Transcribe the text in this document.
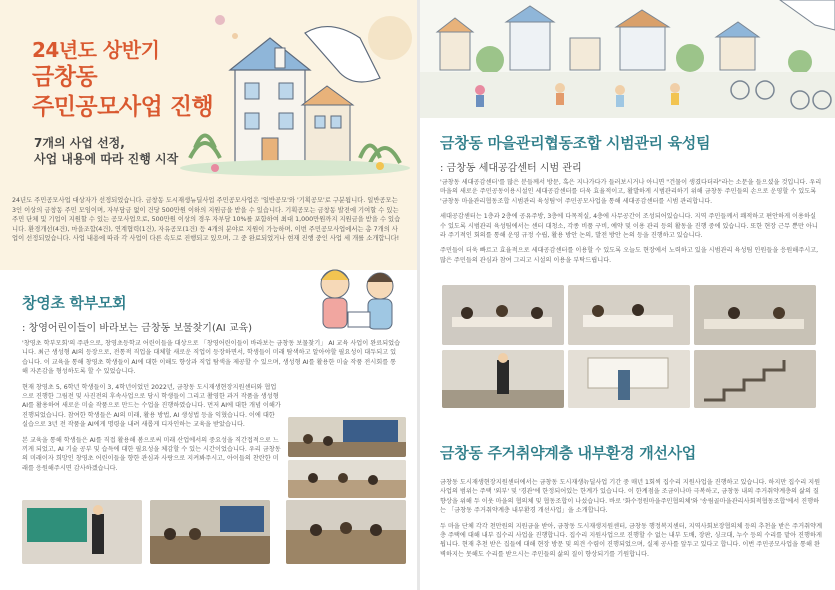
24년도 상반기
금창동
주민공모사업 진행
7개의 사업 선정,
사업 내용에 따라 진행 시작
24년도 주민공모사업 대상자가 선정되었습니다. 금창동 도시재생뉴딜사업 주민공모사업은 '일반공모'와 '기획공모'로 구분됩니다. 일반공모는 3인 이상의 금창동 주민 모임이며, 자부담금 없이 건당 500만원 이하의 지원금을 받을 수 있습니다. 기획공모는 금창동 발전에 기여할 수 있는 주민 단체 및 기업이 지원할 수 있는 공모사업으로, 500만원 이상의 경우 자부담 10%를 포함하여 최대 1,000만원까지 지원금을 받을 수 있습니다. 환경개선(4건), 마을조합(4건), 연계협력(1건), 자유공모(1건) 등 4개의 분야로 지원이 가능하며, 이번 주민공모사업에서는 총 7개의 사업이 선정되었습니다. 사업 내용에 따라 각 사업이 다른 속도로 진행되고 있으며, 그 중 완료되었거나 현재 진행 중인 사업 세 개를 소개합니다!
창영초 학부모회
: 창영어린이들이 바라보는 금창동 보물찾기(AI 교육)

'창영초 학부모회'의 주관으로, 창영초등학교 어린이들을 대상으로 「창영어린이들이 바라보는 금창동 보물찾기」 AI 교육 사업이 완료되었습니다. 최근 생성형 AI의 등장으로, 전통적 직업을 대체할 새로운 직업이 등장하면서, 학생들이 미래 탐색하고 알아야할 필요성이 대두되고 있습니다. 이 교육을 통해 창영초 학생들이 AI에 대한 이해도 향상과 직업 탐색을 제공할 수 있으며, 생성형 AI를 활용한 미술 작품 전시회를 통해 자존감을 형성하도록 할 수 있었습니다.

현재 창영초 5, 6학년 학생들이 3, 4학년이었던 2022년, 금창동 도시재생현장지원센터와 협업으로 진행한 그림전 및 사진전의 후속사업으로 당시 학생들이 그리고 촬영한 과거 작품을 생성형 AI를 활용하여 새로운 미술 작품으로 만드는 수업을 진행하였습니다. 먼저 AI에 대한 개념 이해가 진행되었습니다. 참여한 학생들은 AI의 미래, 활용 방법, AI 생성법 등을 익혔습니다. 이에 대한 실습으로 3년 전 작품을 AI에게 명령을 내려 새롭게 디자인하는 교육을 받았습니다.

본 교육을 통해 학생들은 AI를 직접 활용해 봄으로써 미래 산업에서의 중요성을 직간접적으로 느끼게 되었고, AI 기술 공부 및 습득에 대한 필요성을 체감할 수 있는 시간이었습니다. 우리 금창동의 미래이자 희망인 창영초 어린이들을 향한 관심과 사랑으로 지켜봐주시고, 아이들의 찬란한 미래를 응원해주시면 감사하겠습니다.

금창동 마을관리협동조합 시범관리 육성팀
: 금창동 세대공감센터 시범 관리

'금창동 세대공감센터'를 많은 분들께서 방문, 혹은 지나가다가 들러보시거나 아니면 "건물이 생겼다더라"라는 소문을 들으셨을 것입니다. 우리 마을의 새로운 주민공동이용시설인 세대공감센터를 더욱 효율적이고, 활발하게 시범관리하기 위해 금창동 주민들의 손으로 운영할 수 있도록 '금창동 마을관리협동조합 시범관리 육성팀'이 주민공모사업을 통해 세대공감센터를 시범 관리합니다.

세대공감센터는 1층과 2층에 공유주방, 3층에 다목적실, 4층에 사무공간이 조성되어있습니다. 지역 주민들께서 쾌적하고 편안하게 이용하실 수 있도록 시범관리 육성팀에서는 센터 대청소, 각종 비품 구비, 예약 및 이용 관리 등의 활동을 진행 중에 있습니다. 또한 현장 근무 뿐만 아니라 주기적인 회의를 통해 운영 규정 수립, 활용 방안 논의, 발전 방안 논의 등을 진행하고 있습니다.

주민들이 더욱 빠르고 효율적으로 세대공감센터를 이용할 수 있도록 오늘도 현장에서 노력하고 있을 시범관리 육성팀 인원들을 응원해주시고, 많은 주민들의 관심과 참여 그리고 시설의 이용을 부탁드립니다.

금창동 주거취약계층 내부환경 개선사업

금창동 도시재생현장지원센터에서는 금창동 도시재생뉴딜사업 기간 중 매년 1회씩 집수리 지원사업을 진행하고 있습니다. 하지만 집수리 지원사업의 범위는 주택 '외부' 및 '경관'에 한정되어있는 한계가 있습니다. 이 한계점을 조금이나마 극복하고, 금창동 내의 주거취약계층의 삶의 질 향상을 위해 두 이웃 마을의 협의체 및 협동조합이 나섰습니다. 바로 '화수정원마을주민협의체'와 '송림골마을관리사회적협동조합'에서 진행하는 「금창동 주거취약계층 내부환경 개선사업」을 소개합니다.

두 마을 단체 각각 천만원의 지원금을 받아, 금창동 도시재생지원센터, 금창동 행정복지센터, 지역사회보장협의체 등의 추천을 받은 주거취약계층 주택에 대해 내부 집수리 사업을 진행합니다. 집수리 지원사업으로 진행할 수 없는 내부 도배, 장판, 싱크대, 누수 등의 수리를 맡아 진행하게 됩니다. 현재 추천 받은 집들에 대해 현장 방문 및 의견 수렴이 진행되었으며, 실제 공사를 앞두고 있다고 합니다. 이번 주민공모사업을 통해 완벽하지는 못해도 수리를 받으시는 주민들의 삶의 질이 향상되기를 기원합니다.
